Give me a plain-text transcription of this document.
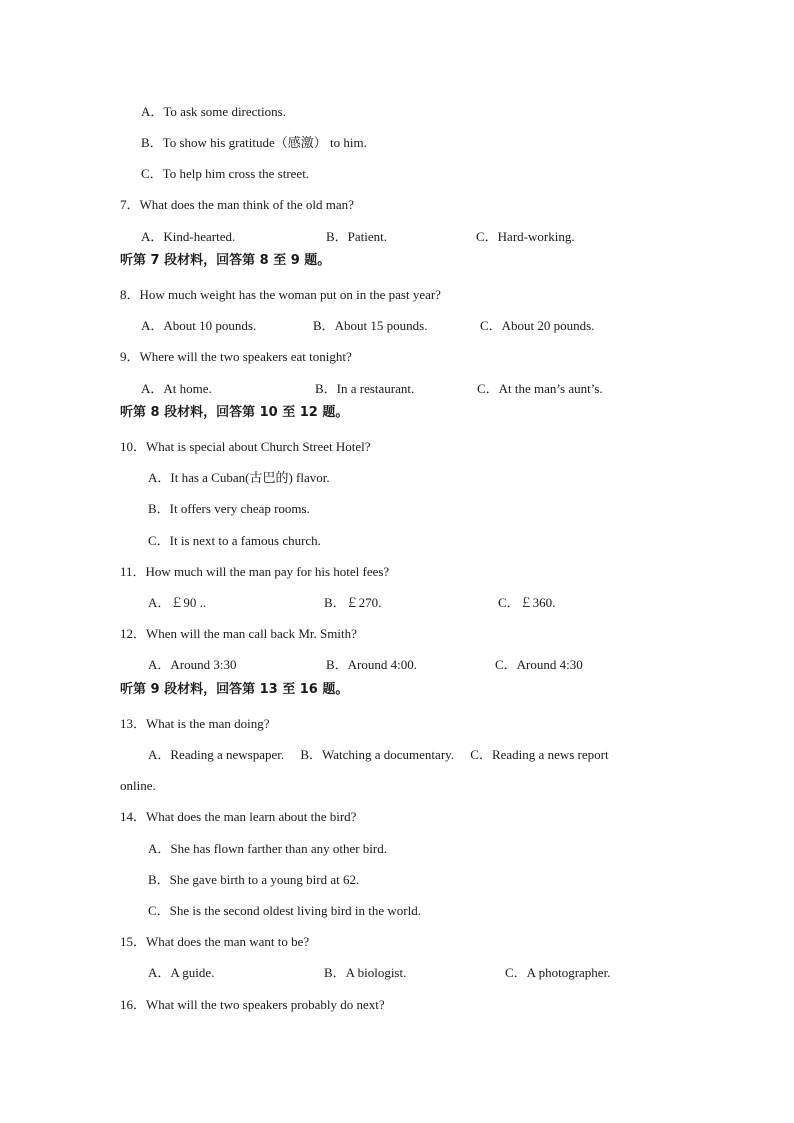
A．To ask some directions.
B．To show his gratitude（感激） to him.
C．To help him cross the street.
7．What does the man think of the old man?
A．Kind-hearted.	B．Patient.	C．Hard-working.
听第 7 段材料，回答第 8 至 9 题。
8．How much weight has the woman put on in the past year?
A．About 10 pounds.	B．About 15 pounds.	C．About 20 pounds.
9．Where will the two speakers eat tonight?
A．At home.	B．In a restaurant.	C．At the man’s aunt’s.
听第 8 段材料，回答第 10 至 12 题。
10．What is special about Church Street Hotel?
A．It has a Cuban(古巴的) flavor.
B．It offers very cheap rooms.
C．It is next to a famous church.
11．How much will the man pay for his hotel fees?
A．￡90 ..	B．￡270.	C．￡360.
12．When will the man call back Mr. Smith?
A．Around 3:30	B．Around 4:00.	C．Around 4:30
听第 9 段材料，回答第 13 至 16 题。
13．What is the man doing?
A．Reading a newspaper.　 B．Watching a documentary.　 C．Reading a news report
online.
14．What does the man learn about the bird?
A．She has flown farther than any other bird.
B．She gave birth to a young bird at 62.
C．She is the second oldest living bird in the world.
15．What does the man want to be?
A．A guide.	B．A biologist.	C．A photographer.
16．What will the two speakers probably do next?
